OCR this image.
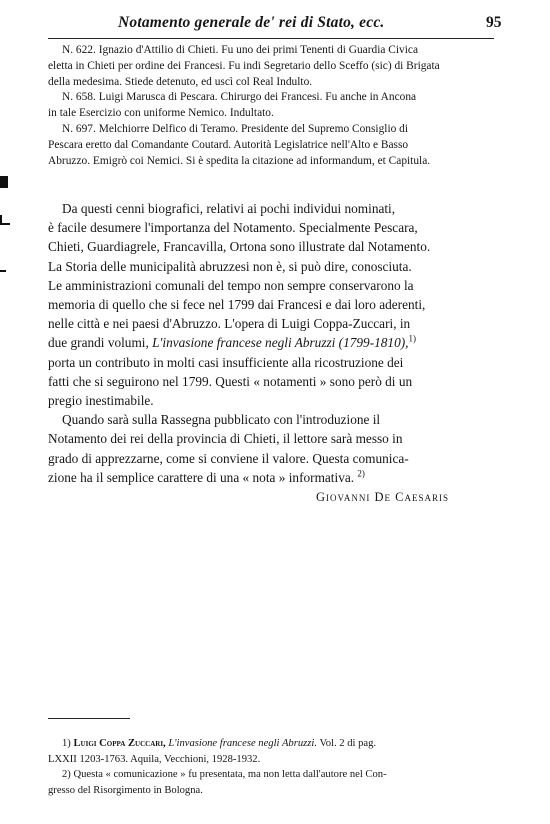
Notamento generale de' rei di Stato, ecc.	95

N. 622. Ignazio d'Attilio di Chieti. Fu uno dei primi Tenenti di Guardia Civica

eletta in Chieti per ordine dei Francesi. Fu indi Segretario dello Sceffo (sic) di Brigata

della medesima. Stiede detenuto, ed uscì col Real Indulto.

N. 658. Luigi Marusca di Pescara. Chirurgo dei Francesi. Fu anche in Ancona

in tale Esercizio con uniforme Nemico. Indultato.

N. 697. Melchiorre Delfico di Teramo. Presidente del Supremo Consiglio di

Pescara eretto dal Comandante Coutard. Autorità Legislatrice nell'Alto e Basso

Abruzzo. Emigrò coi Nemici. Si è spedita la citazione ad informandum, et Capitula.

Da questi cenni biografici, relativi ai pochi individui nominati,

è facile desumere l'importanza del Notamento. Specialmente Pescara,

Chieti, Guardiagrele, Francavilla, Ortona sono illustrate dal Notamento.

La Storia delle municipalità abruzzesi non è, si può dire, conosciuta.

Le amministrazioni comunali del tempo non sempre conservarono la

memoria di quello che si fece nel 1799 dai Francesi e dai loro aderenti,

nelle città e nei paesi d'Abruzzo. L'opera di Luigi Coppa-Zuccari, in

due grandi volumi, L'invasione francese negli Abruzzi (1799-1810),$^{1)}$

porta un contributo in molti casi insufficiente alla ricostruzione dei

fatti che si seguirono nel 1799. Questi « notamenti » sono però di un

pregio inestimabile.

Quando sarà sulla Rassegna pubblicato con l'introduzione il

Notamento dei rei della provincia di Chieti, il lettore sarà messo in

grado di apprezzarne, come si conviene il valore. Questa comunica-

zione ha il semplice carattere di una « nota » informativa. $^{2)}$

Giovanni De Caesaris

1) Luigi Coppa Zuccari, L'invasione francese negli Abruzzi. Vol. 2 di pag.

LXXII 1203-1763. Aquila, Vecchioni, 1928-1932.

2) Questa « comunicazione » fu presentata, ma non letta dall'autore nel Con-

gresso del Risorgimento in Bologna.
